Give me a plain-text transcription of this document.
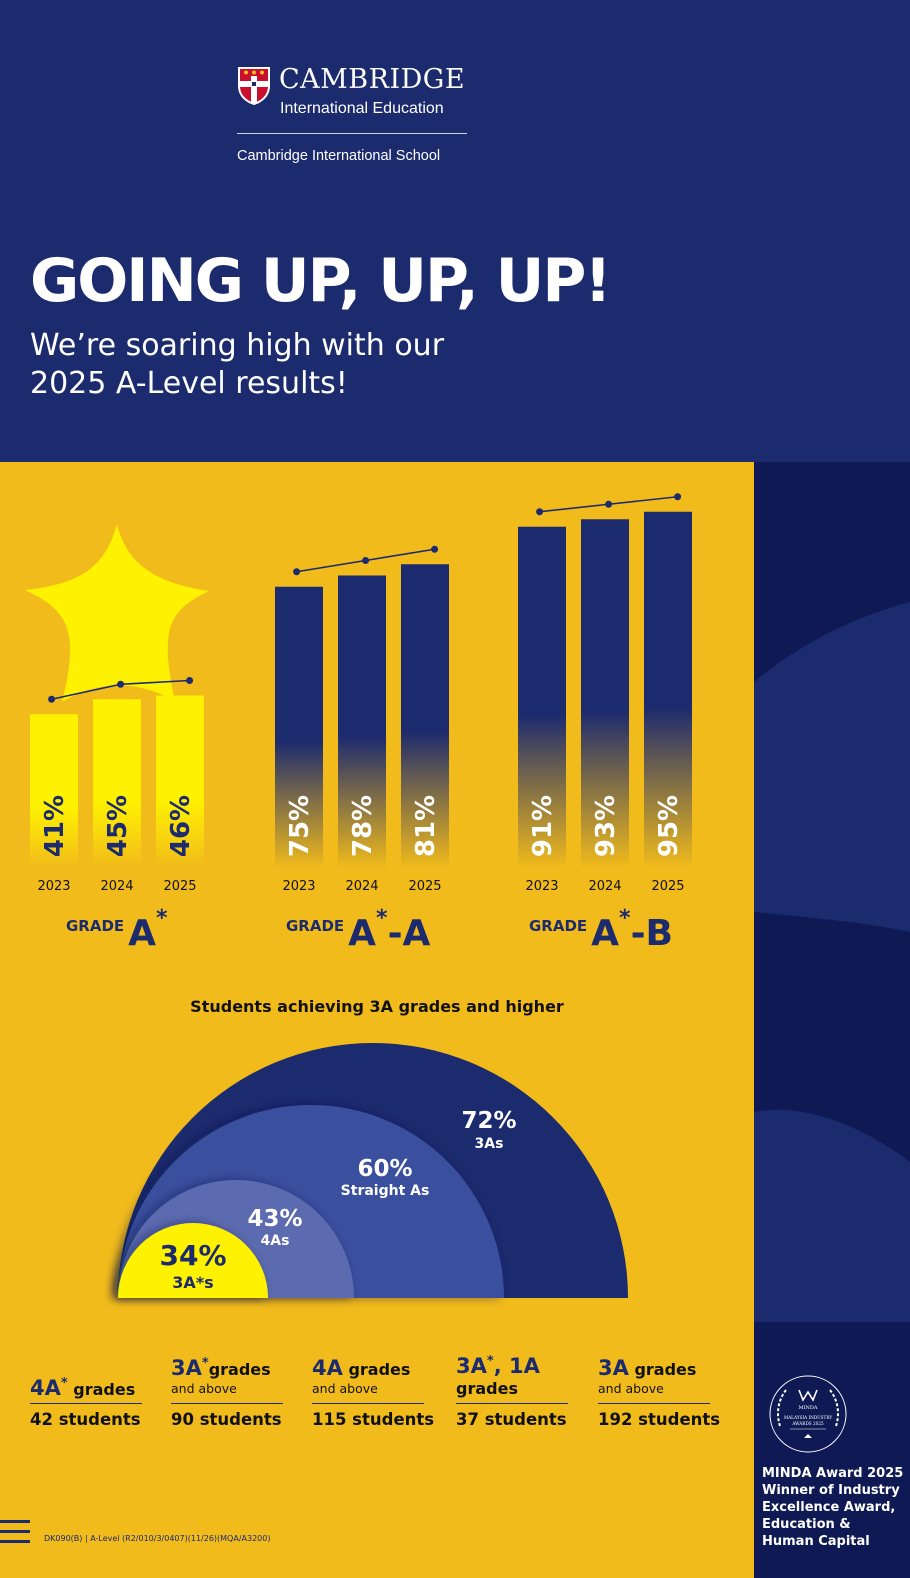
CAMBRIDGE
International Education
Cambridge International School
GOING UP, UP, UP!
We’re soaring high with our
2025 A-Level results!
41%
2023
45%
2024
46%
2025
75%
2023
78%
2024
81%
2025
91%
2023
93%
2024
95%
2025
GRADE A*	GRADE A*-A	GRADE A*-B
Students achieving 3A grades and higher
72%
3As
60%
Straight As
43%
4As
34%
3A*s
4A* grades
42 students
3A*grades
and above
90 students
4A grades
and above
115 students
3A*, 1A
grades
37 students
3A grades
and above
192 students
DK090(B) | A-Level (R2/010/3/0407)(11/26)(MQA/A3200)
MINDA
MALAYSIA INDUSTRY
AWARDS 2025
MINDA Award 2025
Winner of Industry
Excellence Award,
Education &
Human Capital
